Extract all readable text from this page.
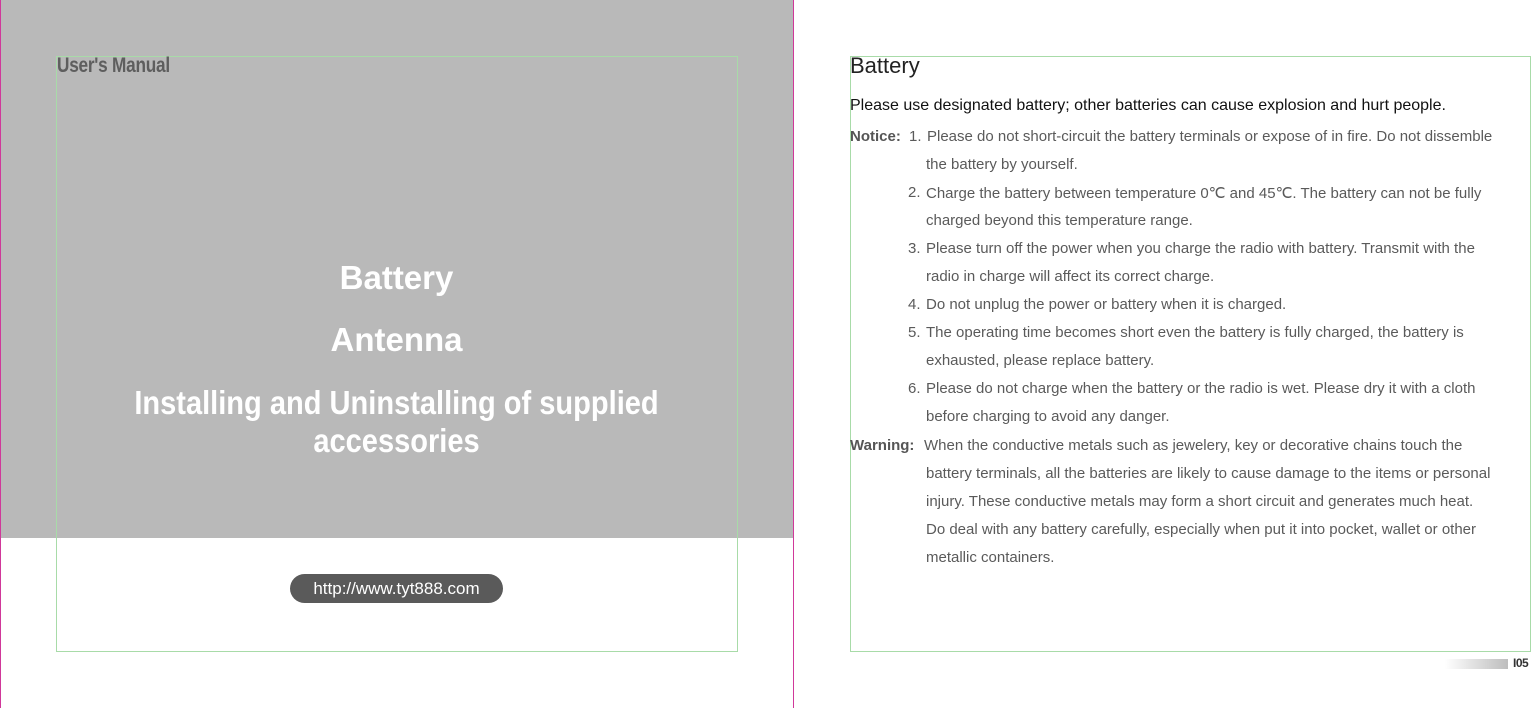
User's Manual
Battery
Antenna
Installing and Uninstalling of supplied accessories
http://www.tyt888.com
Battery
Please use designated battery; other batteries can cause explosion and hurt people.
Notice: 1. Please do not short-circuit the battery terminals or expose of in fire. Do not dissemble
the battery by yourself.
2. Charge the battery between temperature 0℃ and 45℃. The battery can not be fully
charged beyond this temperature range.
3. Please turn off the power when you charge the radio with battery. Transmit with the
radio in charge will affect its correct charge.
4. Do not unplug the power or battery when it is charged.
5. The operating time becomes short even the battery is fully charged, the battery is
exhausted, please replace battery.
6. Please do not charge when the battery or the radio is wet. Please dry it with a cloth
before charging to avoid any danger.
Warning: When the conductive metals such as jewelery, key or decorative chains touch the
battery terminals, all the batteries are likely to cause damage to the items or personal
injury. These conductive metals may form a short circuit and generates much heat.
Do deal with any battery carefully, especially when put it into pocket, wallet or other
metallic containers.
I05
